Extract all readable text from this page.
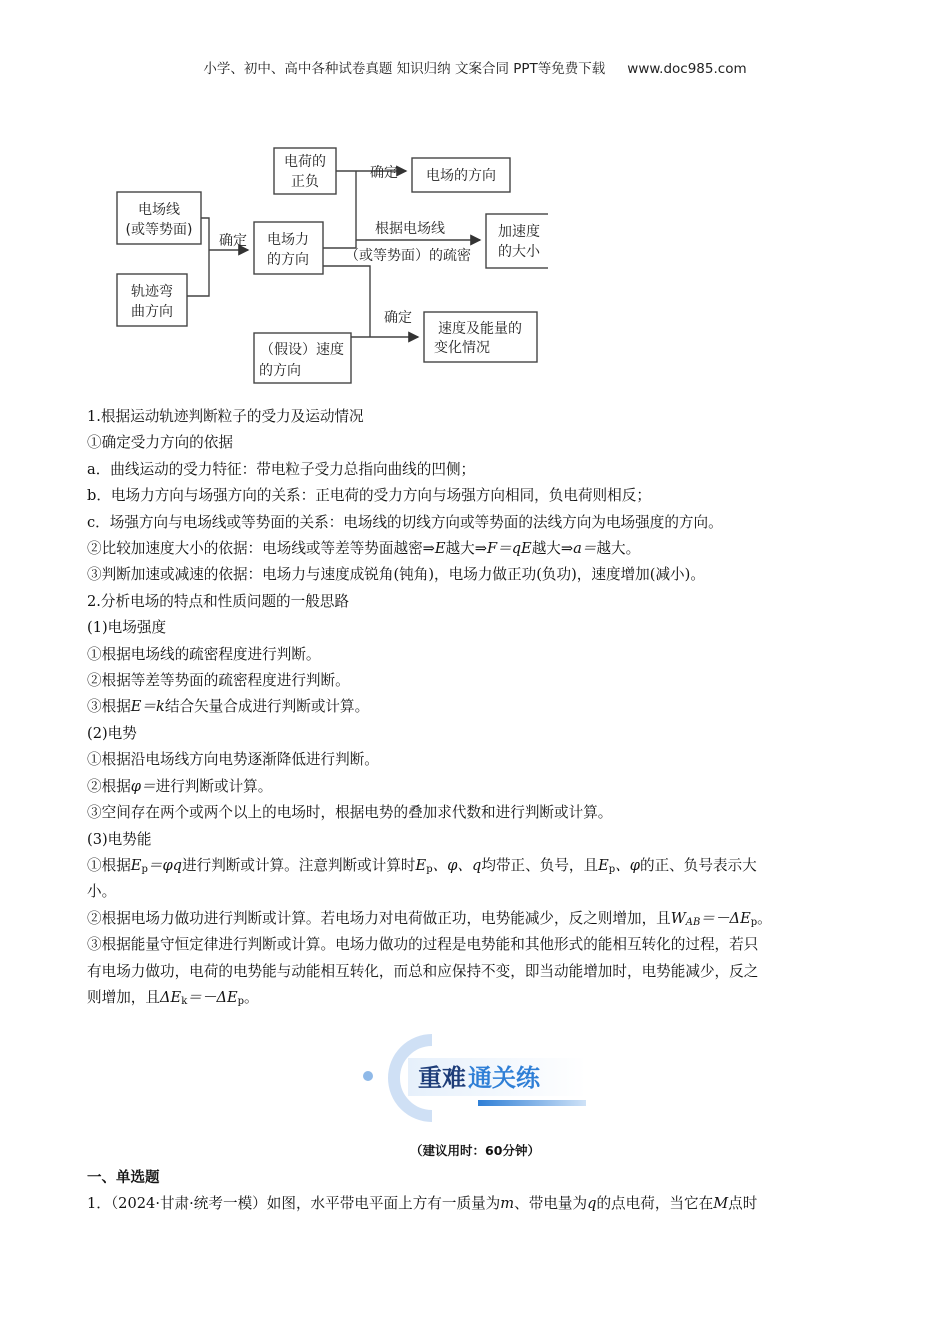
小学、初中、高中各种试卷真题 知识归纳 文案合同 PPT等免费下载 www.doc985.com
电荷的
正负	电场的方向
电场线
(或等势面)
轨迹弯
曲方向
电场力
的方向
加速度
的大小
（假设）速度
的方向
速度及能量的
变化情况
确定
确定
确定
根据电场线
（或等势面）的疏密

1.根据运动轨迹判断粒子的受力及运动情况

①确定受力方向的依据

a．曲线运动的受力特征：带电粒子受力总指向曲线的凹侧；

b．电场力方向与场强方向的关系：正电荷的受力方向与场强方向相同，负电荷则相反；

c．场强方向与电场线或等势面的关系：电场线的切线方向或等势面的法线方向为电场强度的方向。

②比较加速度大小的依据：电场线或等差等势面越密⇒E越大⇒F＝qE越大⇒a＝越大。

③判断加速或减速的依据：电场力与速度成锐角(钝角)，电场力做正功(负功)，速度增加(减小)。

2.分析电场的特点和性质问题的一般思路

(1)电场强度

①根据电场线的疏密程度进行判断。

②根据等差等势面的疏密程度进行判断。

③根据E＝k结合矢量合成进行判断或计算。

(2)电势

①根据沿电场线方向电势逐渐降低进行判断。

②根据φ＝进行判断或计算。

③空间存在两个或两个以上的电场时，根据电势的叠加求代数和进行判断或计算。

(3)电势能

①根据$E_p=\varphi q$进行判断或计算。注意判断或计算时$E_p$、φ、q均带正、负号，且$E_p$、φ的正、负号表示大
小。

②根据电场力做功进行判断或计算。若电场力对电荷做正功，电势能减少，反之则增加，且$W_{AB}=-\Delta E_p$。

③根据能量守恒定律进行判断或计算。电场力做功的过程是电势能和其他形式的能相互转化的过程，若只
有电场力做功，电荷的电势能与动能相互转化，而总和应保持不变，即当动能增加时，电势能减少，反之
则增加，且$\Delta E_k=-\Delta E_p$。

重难 通关练
（建议用时：60分钟）
一、单选题
1．（2024·甘肃·统考一模）如图，水平带电平面上方有一质量为m、带电量为q的点电荷，当它在M点时
